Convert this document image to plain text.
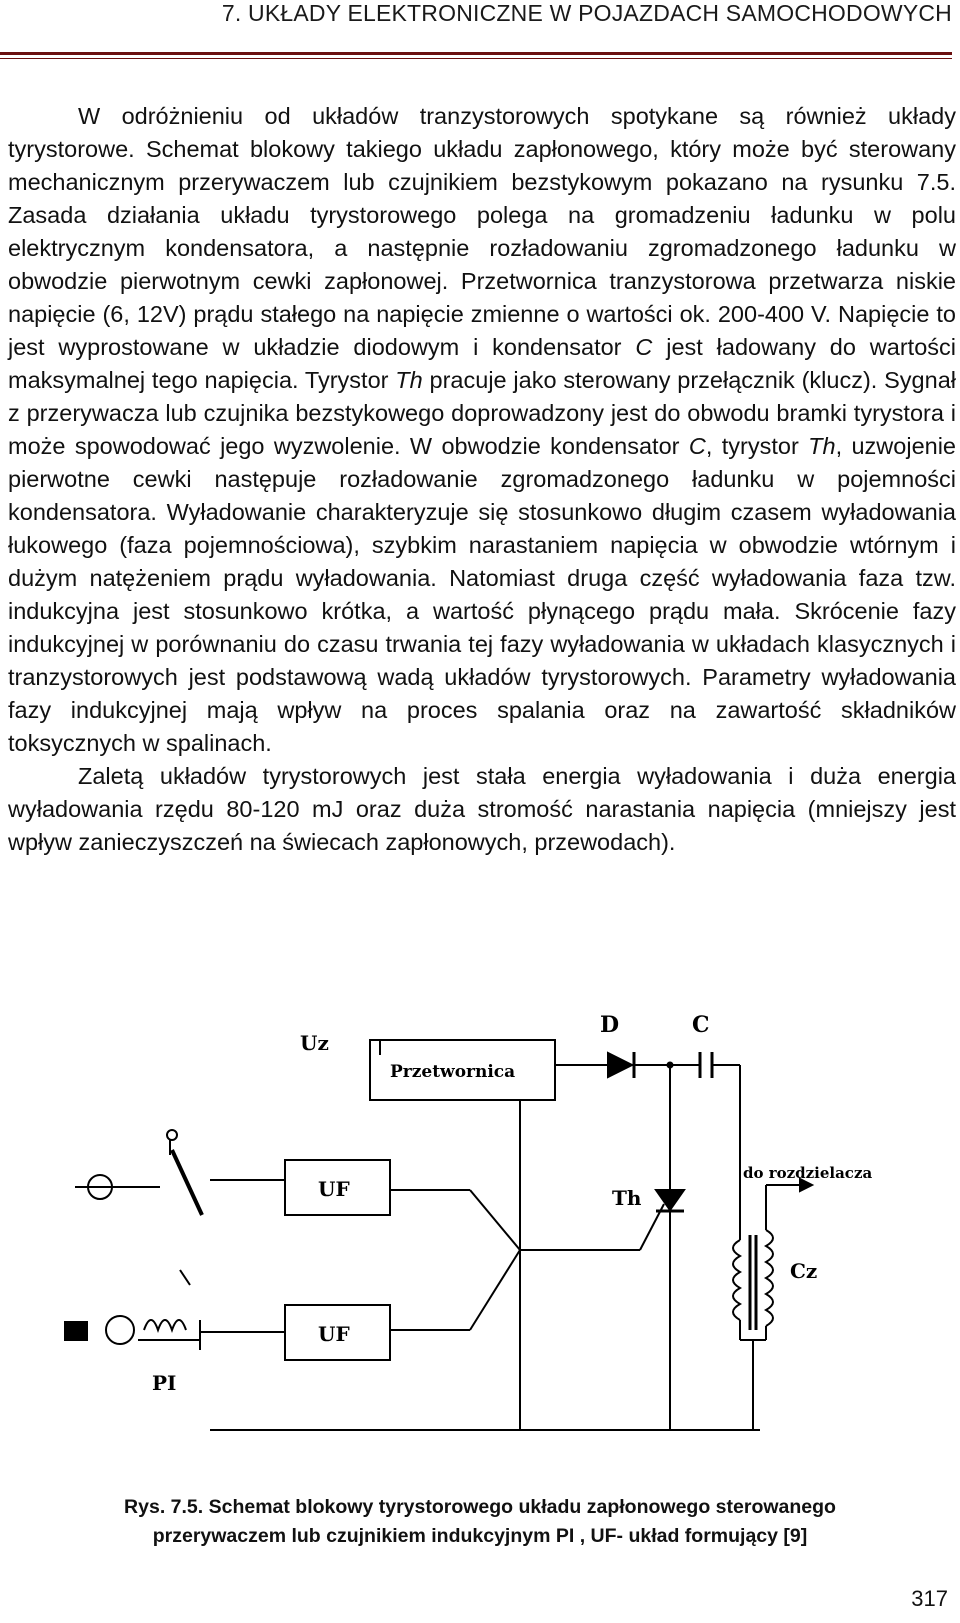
7. UKŁADY ELEKTRONICZNE W POJAZDACH SAMOCHODOWYCH

W odróżnieniu od układów tranzystorowych spotykane są również układy tyrystorowe. Schemat blokowy takiego układu zapłonowego, który może być sterowany mechanicznym przerywaczem lub czujnikiem bezstykowym pokazano na rysunku 7.5. Zasada działania układu tyrystorowego polega na gromadzeniu ładunku w polu elektrycznym kondensatora, a następnie rozładowaniu zgromadzonego ładunku w obwodzie pierwotnym cewki zapłonowej. Przetwornica tranzystorowa przetwarza niskie napięcie (6, 12V) prądu stałego na napięcie zmienne o wartości ok. 200-400 V. Napięcie to jest wyprostowane w układzie diodowym i kondensator C jest ładowany do wartości maksymalnej tego napięcia. Tyrystor Th pracuje jako sterowany przełącznik (klucz). Sygnał z przerywacza lub czujnika bezstykowego doprowadzony jest do obwodu bramki tyrystora i może spowodować jego wyzwolenie. W obwodzie kondensator C, tyrystor Th, uzwojenie pierwotne cewki następuje rozładowanie zgromadzonego ładunku w pojemności kondensatora. Wyładowanie charakteryzuje się stosunkowo długim czasem wyładowania łukowego (faza pojemnościowa), szybkim narastaniem napięcia w obwodzie wtórnym i dużym natężeniem prądu wyładowania. Natomiast druga część wyładowania faza tzw. indukcyjna jest stosunkowo krótka, a wartość płynącego prądu mała. Skrócenie fazy indukcyjnej w porównaniu do czasu trwania tej fazy wyładowania w układach klasycznych i tranzystorowych jest podstawową wadą układów tyrystorowych. Parametry wyładowania fazy indukcyjnej mają wpływ na proces spalania oraz na zawartość składników toksycznych w spalinach.

Zaletą układów tyrystorowych jest stała energia wyładowania i duża energia wyładowania rzędu 80-120 mJ oraz duża stromość narastania napięcia (mniejszy jest wpływ zanieczyszczeń na świecach zapłonowych, przewodach).

Uz
Przetwornica
D	C
UF
UF
Th
do rozdzielacza
Cz
PI
Rys. 7.5. Schemat blokowy tyrystorowego układu zapłonowego sterowanego
przerywaczem lub czujnikiem indukcyjnym PI , UF- układ formujący [9]
317
